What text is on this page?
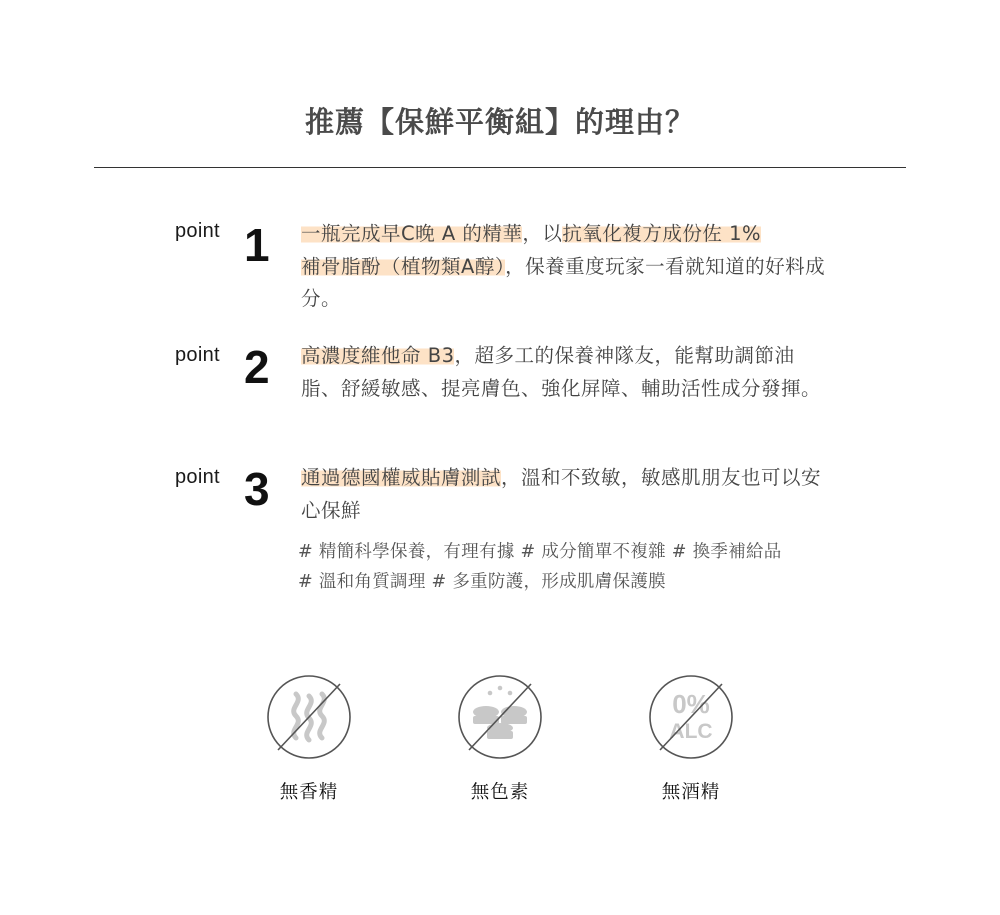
推薦【保鮮平衡組】的理由？
point 1 一瓶完成早C晚 A 的精華，以抗氧化複方成份佐 1%
補骨脂酚（植物類A醇），保養重度玩家一看就知道的好料成分。
point 2 高濃度維他命 B3，超多工的保養神隊友，能幫助調節油脂、舒緩敏感、提亮膚色、強化屏障、輔助活性成分發揮。
point 3 通過德國權威貼膚測試，溫和不致敏，敏感肌朋友也可以安心保鮮
# 精簡科學保養，有理有據 # 成分簡單不複雜 # 換季補給品
# 溫和角質調理 # 多重防護，形成肌膚保護膜
無香精	無色素
0%
ALC
無酒精
